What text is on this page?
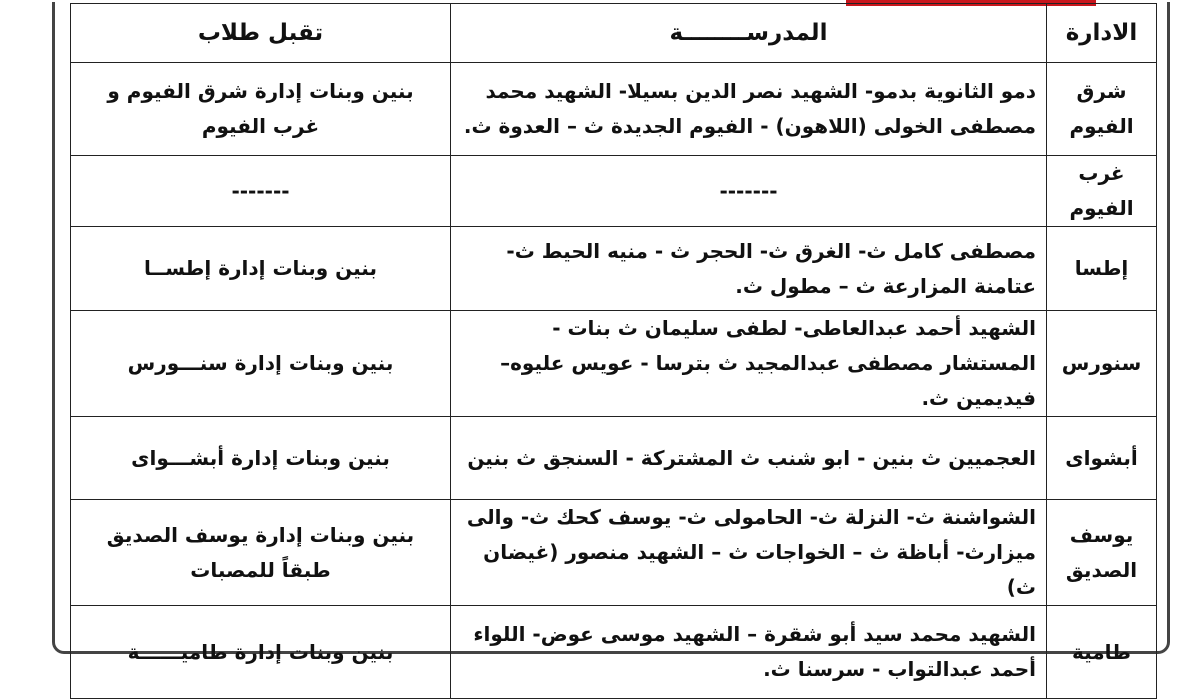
الادارة	المدرســــــــة	تقبل طلاب
شرق الفيوم	دمو الثانوية بدمو- الشهيد نصر الدين بسيلا- الشهيد محمد مصطفى الخولى (اللاهون) - الفيوم الجديدة ث – العدوة ث.	بنين وبنات إدارة شرق الفيوم و غرب الفيوم
غرب الفيوم	-------	-------
إطسا	مصطفى كامل ث- الغرق ث- الحجر ث - منيه الحيط ث- عتامنة المزارعة ث – مطول ث.	بنين وبنات إدارة إطســا
سنورس	الشهيد أحمد عبدالعاطى- لطفى سليمان ث بنات - المستشار مصطفى عبدالمجيد ث بترسا - عويس عليوه– فيديمين ث.	بنين وبنات إدارة سنـــورس
أبشواى	العجميين ث بنين - ابو شنب ث المشتركة - السنجق ث بنين	بنين وبنات إدارة أبشـــواى
يوسف الصديق	الشواشنة ث- النزلة ث- الحامولى ث- يوسف كحك ث- والى ميزارث- أباظة ث – الخواجات ث – الشهيد منصور (غيضان ث)	بنين وبنات إدارة يوسف الصديق طبقاً للمصبات
طامية	الشهيد محمد سيد أبو شقرة – الشهيد موسى عوض- اللواء أحمد عبدالتواب - سرسنا ث.	بنين وبنات إدارة طاميــــــة
